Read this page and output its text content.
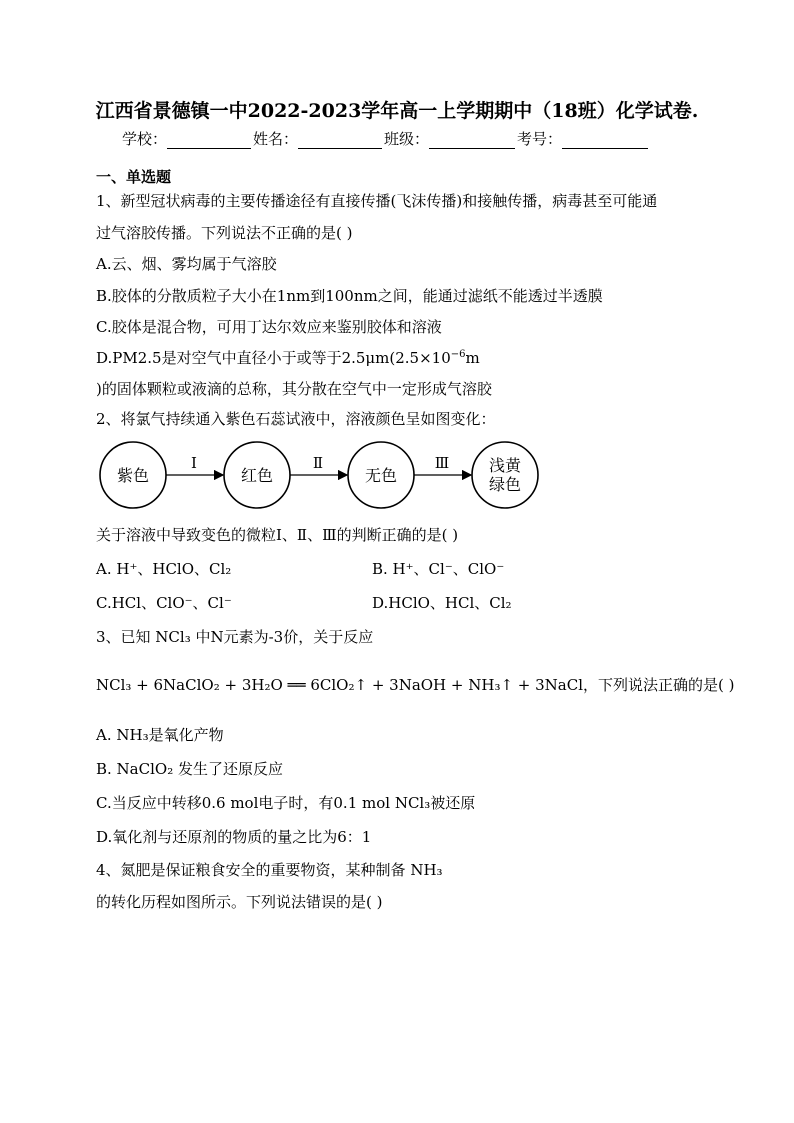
江西省景德镇一中2022-2023学年高一上学期期中（18班）化学试卷.
学校：	姓名：	班级：	考号：
一、单选题
1、新型冠状病毒的主要传播途径有直接传播(飞沫传播)和接触传播，病毒甚至可能通
过气溶胶传播。下列说法不正确的是( )
A.云、烟、雾均属于气溶胶
B.胶体的分散质粒子大小在1nm到100nm之间，能通过滤纸不能透过半透膜
C.胶体是混合物，可用丁达尔效应来鉴别胶体和溶液
D.PM2.5是对空气中直径小于或等于$2.5\mu m(2.5\times 10^{-6}m$
)的固体颗粒或液滴的总称，其分散在空气中一定形成气溶胶
2、将氯气持续通入紫色石蕊试液中，溶液颜色呈如图变化：
Ⅰ	Ⅱ	Ⅲ
紫色	红色	无色
浅黄
绿色
关于溶液中导致变色的微粒Ⅰ、Ⅱ、Ⅲ的判断正确的是( )
A. H⁺、HClO、Cl₂	B. H⁺、Cl⁻、ClO⁻
C.HCl、ClO⁻、Cl⁻	D.HClO、HCl、Cl₂
3、已知 NCl₃ 中N元素为-3价，关于反应
NCl₃ + 6NaClO₂ + 3H₂O ══ 6ClO₂↑ + 3NaOH + NH₃↑ + 3NaCl，下列说法正确的是( )
A. NH₃是氧化产物
B. NaClO₂ 发生了还原反应
C.当反应中转移0.6 mol电子时，有0.1 mol NCl₃被还原
D.氧化剂与还原剂的物质的量之比为6：1
4、氮肥是保证粮食安全的重要物资，某种制备 NH₃
的转化历程如图所示。下列说法错误的是( )
